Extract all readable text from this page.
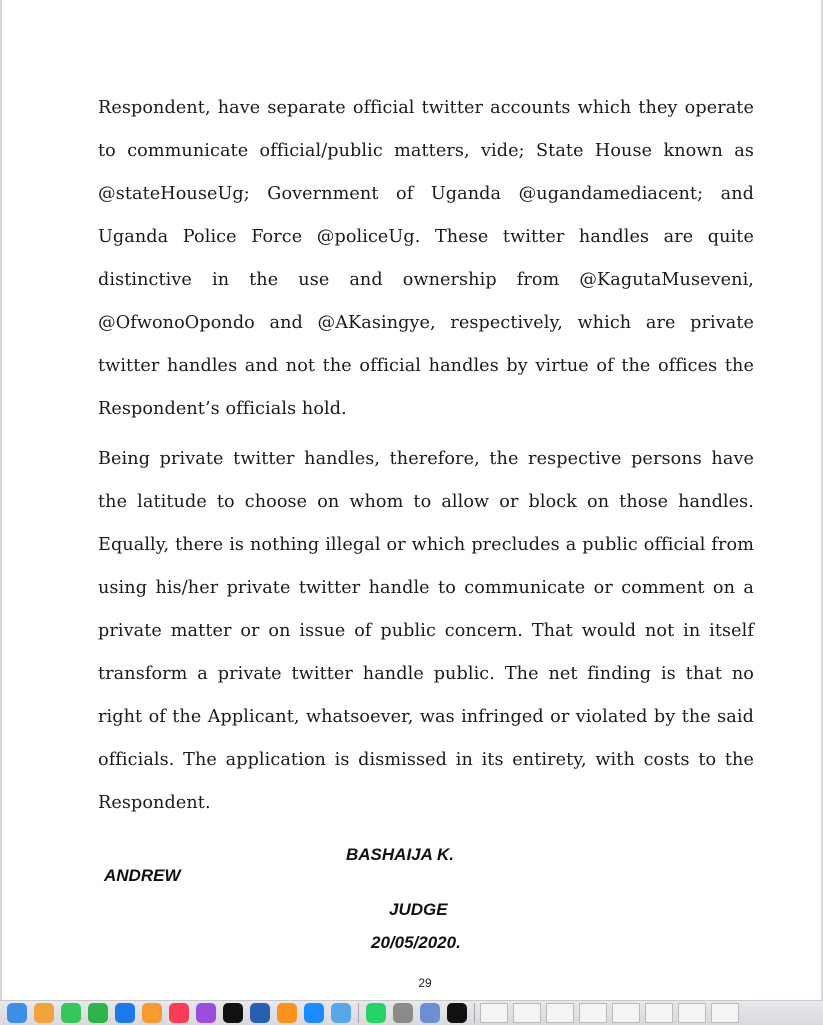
Respondent, have separate official twitter accounts which they operate to communicate official/public matters, vide; State House known as @stateHouseUg; Government of Uganda @ugandamediacent; and Uganda Police Force @policeUg. These twitter handles are quite distinctive in the use and ownership from @KagutaMuseveni, @OfwonoOpondo and @AKasingye, respectively, which are private twitter handles and not the official handles by virtue of the offices the Respondent’s officials hold.

Being private twitter handles, therefore, the respective persons have the latitude to choose on whom to allow or block on those handles. Equally, there is nothing illegal or which precludes a public official from using his/her private twitter handle to communicate or comment on a private matter or on issue of public concern. That would not in itself transform a private twitter handle public. The net finding is that no right of the Applicant, whatsoever, was infringed or violated by the said officials. The application is dismissed in its entirety, with costs to the Respondent.

BASHAIJA K.
ANDREW
JUDGE
20/05/2020.
29
